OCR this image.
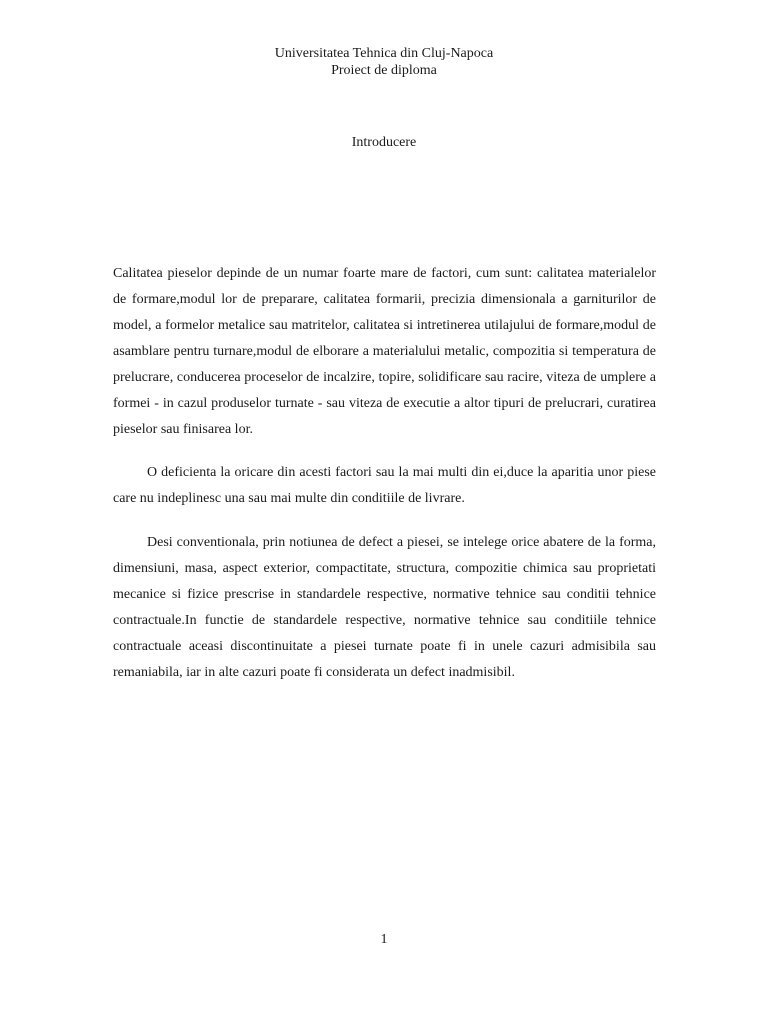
Universitatea Tehnica din Cluj-Napoca
Proiect de diploma
Introducere

Calitatea pieselor depinde de un numar foarte mare de factori, cum sunt: calitatea materialelor de formare,modul lor de preparare, calitatea formarii, precizia dimensionala a garniturilor de model, a formelor metalice sau matritelor, calitatea si intretinerea utilajului de formare,modul de asamblare pentru turnare,modul de elborare a materialului metalic, compozitia si temperatura de prelucrare, conducerea proceselor de incalzire, topire, solidificare sau racire, viteza de umplere a formei - in cazul produselor turnate - sau viteza de executie a altor tipuri de prelucrari, curatirea pieselor sau finisarea lor.

O deficienta la oricare din acesti factori sau la mai multi din ei,duce la aparitia unor piese care nu indeplinesc una sau mai multe din conditiile de livrare.

Desi conventionala, prin notiunea de defect a piesei, se intelege orice abatere de la forma, dimensiuni, masa, aspect exterior, compactitate, structura, compozitie chimica sau proprietati mecanice si fizice prescrise in standardele respective, normative tehnice sau conditii tehnice contractuale.In functie de standardele respective, normative tehnice sau conditiile tehnice contractuale aceasi discontinuitate a piesei turnate poate fi in unele cazuri admisibila sau remaniabila, iar in alte cazuri poate fi considerata un defect inadmisibil.

1
